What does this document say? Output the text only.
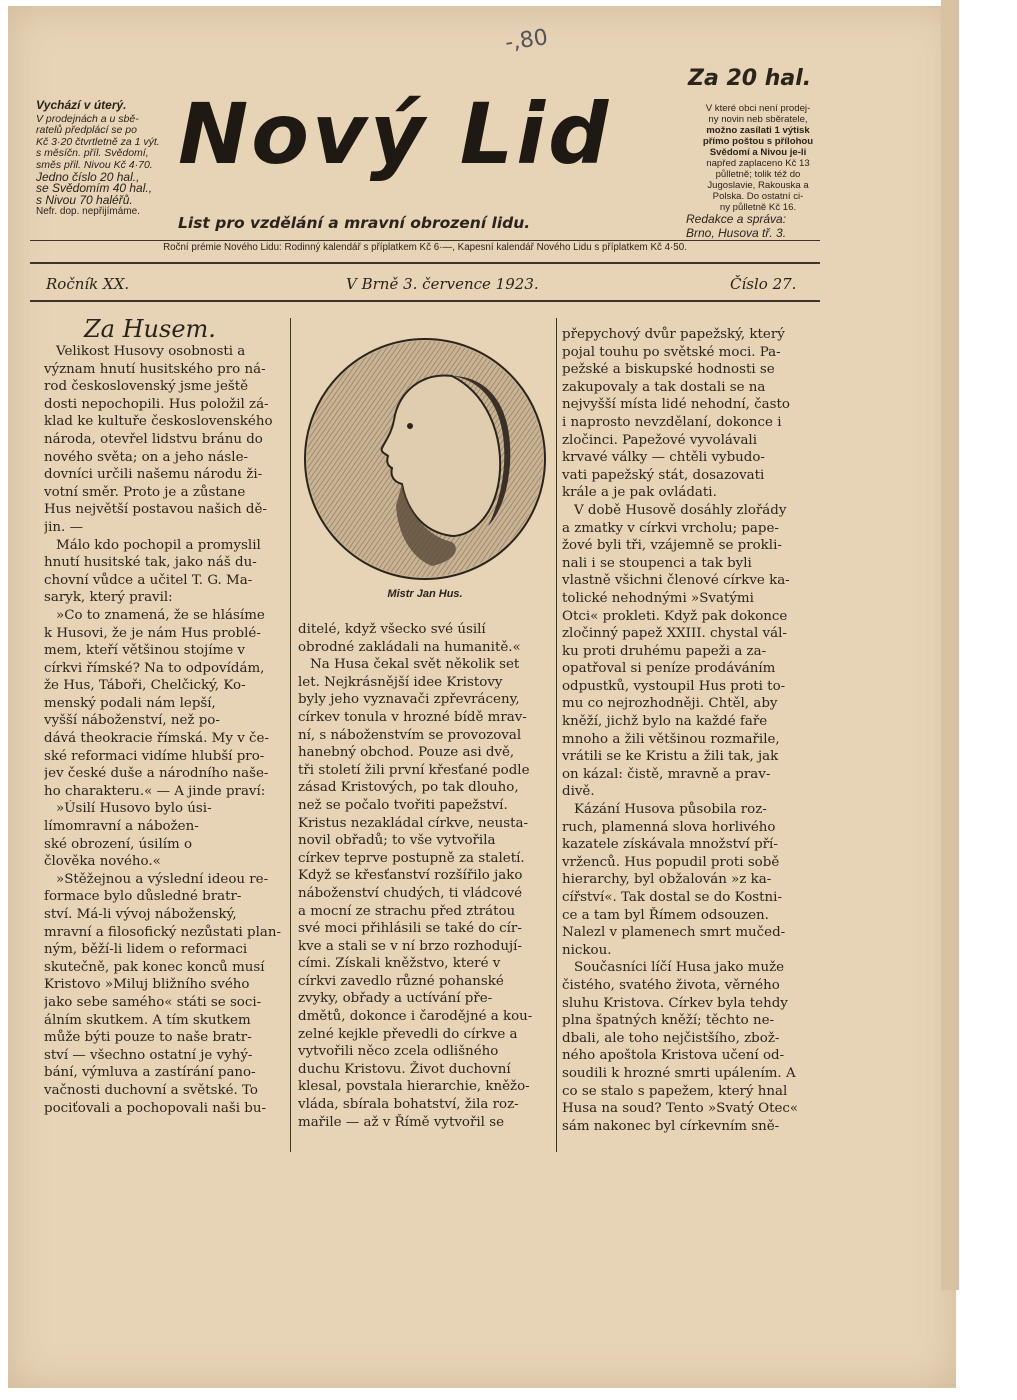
-,80
Za 20 hal.
Vychází v úterý.
V prodejnách a u sbě-
ratelů předplácí se po
Kč 3·20 čtvrtletně za 1 výt.
s měsíčn. příl. Svědomí,
směs přil. Nivou Kč 4·70.
Jedno číslo 20 hal.,
se Svědomím 40 hal.,
s Nivou 70 haléřů.
Nefr. dop. nepřijímáme.
Nový Lid
List pro vzdělání a mravní obrození lidu.
V které obci není prodej-
ny novin neb sběratele,
možno zasílati 1 výtisk
přímo poštou s přílohou
Svědomí a Nivou je-li
napřed zaplaceno Kč 13
půlletně; tolik též do
Jugoslavie, Rakouska a
Polska. Do ostatní ci-
ny půlletně Kč 16.
Redakce a správa:
Brno, Husova tř. 3.
Roční prémie Nového Lidu: Rodinný kalendář s příplatkem Kč 6·—, Kapesní kalendář Nového Lidu s příplatkem Kč 4·50.
Ročník XX.	V Brně 3. července 1923.	Číslo 27.
Za Husem.
Mistr Jan Hus.
Velikost Husovy osobnosti a
význam hnutí husitského pro ná-
rod československý jsme ještě
dosti nepochopili. Hus položil zá-
klad ke kultuře československého
národa, otevřel lidstvu bránu do
nového světa; on a jeho násle-
dovníci určili našemu národu ži-
votní směr. Proto je a zůstane
Hus největší postavou našich dě-
jin. —
Málo kdo pochopil a promyslil
hnutí husitské tak, jako náš du-
chovní vůdce a učitel T. G. Ma-
saryk, který pravil:
»Co to znamená, že se hlásíme
k Husovi, že je nám Hus problé-
mem, kteří většinou stojíme v
církvi římské? Na to odpovídám,
že Hus, Táboři, Chelčický, Ko-
menský podali nám lepší,
vyšší náboženství, než po-
dává theokracie římská. My v če-
ské reformaci vidíme hlubší pro-
jev české duše a národního naše-
ho charakteru.« — A jinde praví:
»Úsilí Husovo bylo úsi-
límomravní a nábožen-
ské obrození, úsilím o
člověka nového.«
»Stěžejnou a výslední ideou re-
formace bylo důsledné bratr-
ství. Má-li vývoj náboženský,
mravní a filosofický nezůstati plan-
ným, běží-li lidem o reformaci
skutečně, pak konec konců musí
Kristovo »Miluj bližního svého
jako sebe samého« státi se soci-
álním skutkem. A tím skutkem
může býti pouze to naše bratr-
ství — všechno ostatní je vyhý-
bání, výmluva a zastírání pano-
vačnosti duchovní a světské. To
pociťovali a pochopovali naši bu-
ditelé, když všecko své úsilí
obrodné zakládali na humanitě.«
Na Husa čekal svět několik set
let. Nejkrásnější idee Kristovy
byly jeho vyznavači zpřevráceny,
církev tonula v hrozné bídě mrav-
ní, s náboženstvím se provozoval
hanebný obchod. Pouze asi dvě,
tři století žili první křesťané podle
zásad Kristových, po tak dlouho,
než se počalo tvořiti papežství.
Kristus nezakládal církve, neusta-
novil obřadů; to vše vytvořila
církev teprve postupně za staletí.
Když se křesťanství rozšířilo jako
náboženství chudých, ti vládcové
a mocní ze strachu před ztrátou
své moci přihlásili se také do cír-
kve a stali se v ní brzo rozhodují-
cími. Získali kněžstvo, které v
církvi zavedlo různé pohanské
zvyky, obřady a uctívání pře-
dmětů, dokonce i čarodějné a kou-
zelné kejkle převedli do církve a
vytvořili něco zcela odlišného
duchu Kristovu. Život duchovní
klesal, povstala hierarchie, kněžo-
vláda, sbírala bohatství, žila roz-
mařile — až v Římě vytvořil se
přepychový dvůr papežský, který
pojal touhu po světské moci. Pa-
pežské a biskupské hodnosti se
zakupovaly a tak dostali se na
nejvyšší místa lidé nehodní, často
i naprosto nevzdělaní, dokonce i
zločinci. Papežové vyvolávali
krvavé války — chtěli vybudo-
vati papežský stát, dosazovati
krále a je pak ovládati.
V době Husově dosáhly zlořády
a zmatky v církvi vrcholu; pape-
žové byli tři, vzájemně se prokli-
nali i se stoupenci a tak byli
vlastně všichni členové církve ka-
tolické nehodnými »Svatými
Otci« prokleti. Když pak dokonce
zločinný papež XXIII. chystal vál-
ku proti druhému papeži a za-
opatřoval si peníze prodáváním
odpustků, vystoupil Hus proti to-
mu co nejrozhodněji. Chtěl, aby
kněží, jichž bylo na každé faře
mnoho a žili většinou rozmařile,
vrátili se ke Kristu a žili tak, jak
on kázal: čistě, mravně a prav-
divě.
Kázání Husova působila roz-
ruch, plamenná slova horlivého
kazatele získávala množství pří-
vrženců. Hus popudil proti sobě
hierarchy, byl obžalován »z ka-
cířství«. Tak dostal se do Kostni-
ce a tam byl Římem odsouzen.
Nalezl v plamenech smrt mučed-
nickou.
Současníci líčí Husa jako muže
čistého, svatého života, věrného
sluhu Kristova. Církev byla tehdy
plna špatných kněží; těchto ne-
dbali, ale toho nejčistšího, zbož-
ného apoštola Kristova učení od-
soudili k hrozné smrti upálením. A
co se stalo s papežem, který hnal
Husa na soud? Tento »Svatý Otec«
sám nakonec byl církevním sně-
